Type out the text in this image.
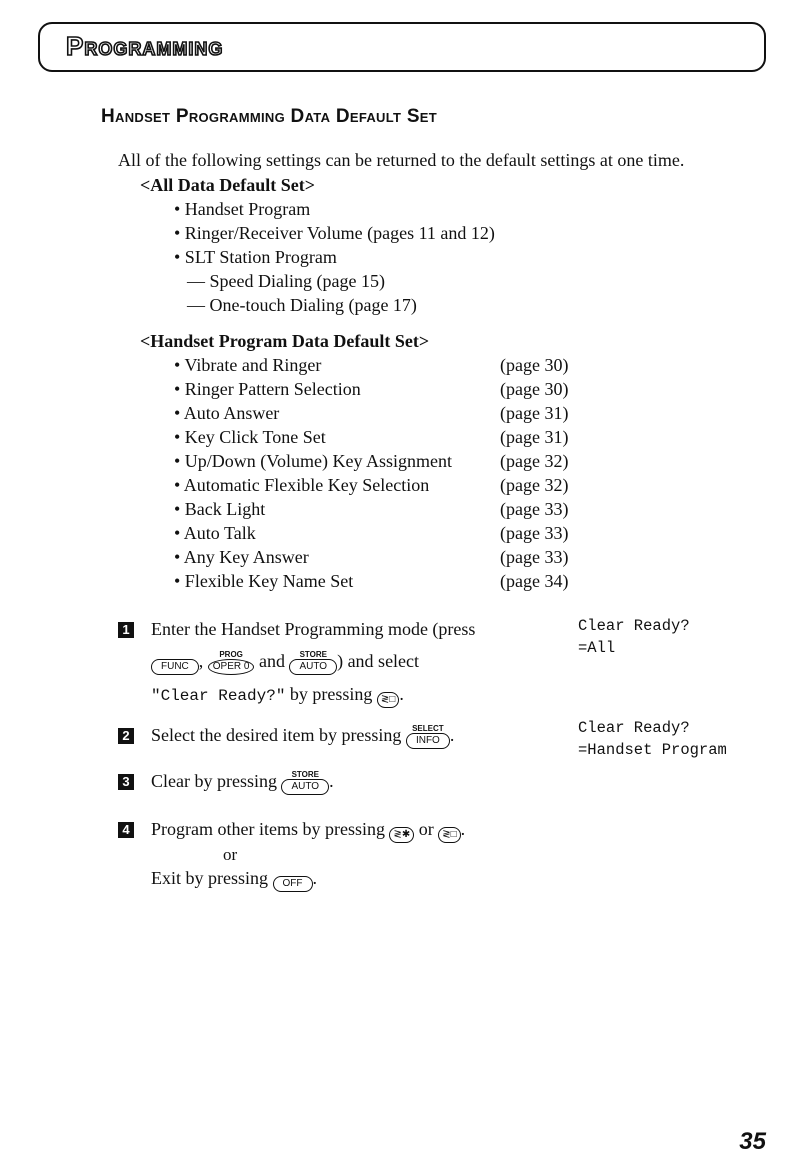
Programming
Handset Programming Data Default Set
All of the following settings can be returned to the default settings at one time.
<All Data Default Set>
• Handset Program
• Ringer/Receiver Volume (pages 11 and 12)
• SLT Station Program
— Speed Dialing (page 15)
— One-touch Dialing (page 17)
<Handset Program Data Default Set>
• Vibrate and Ringer	(page 30)
• Ringer Pattern Selection	(page 30)
• Auto Answer	(page 31)
• Key Click Tone Set	(page 31)
• Up/Down (Volume) Key Assignment	(page 32)
• Automatic Flexible Key Selection	(page 32)
• Back Light	(page 33)
• Auto Talk	(page 33)
• Any Key Answer	(page 33)
• Flexible Key Name Set	(page 34)
1 Enter the Handset Programming mode (press
FUNC ,	PROG
OPER 0 and	STORE
AUTO ) and select
"Clear Ready?" by pressing ≷□ .
2 Select the desired item by pressing	SELECT
INFO .
3 Clear by pressing	STORE
AUTO .
4 Program other items by pressing ≷✱ or ≷□ .
or
Exit by pressing OFF .
Clear Ready?
=All
Clear Ready?
=Handset Program
35
